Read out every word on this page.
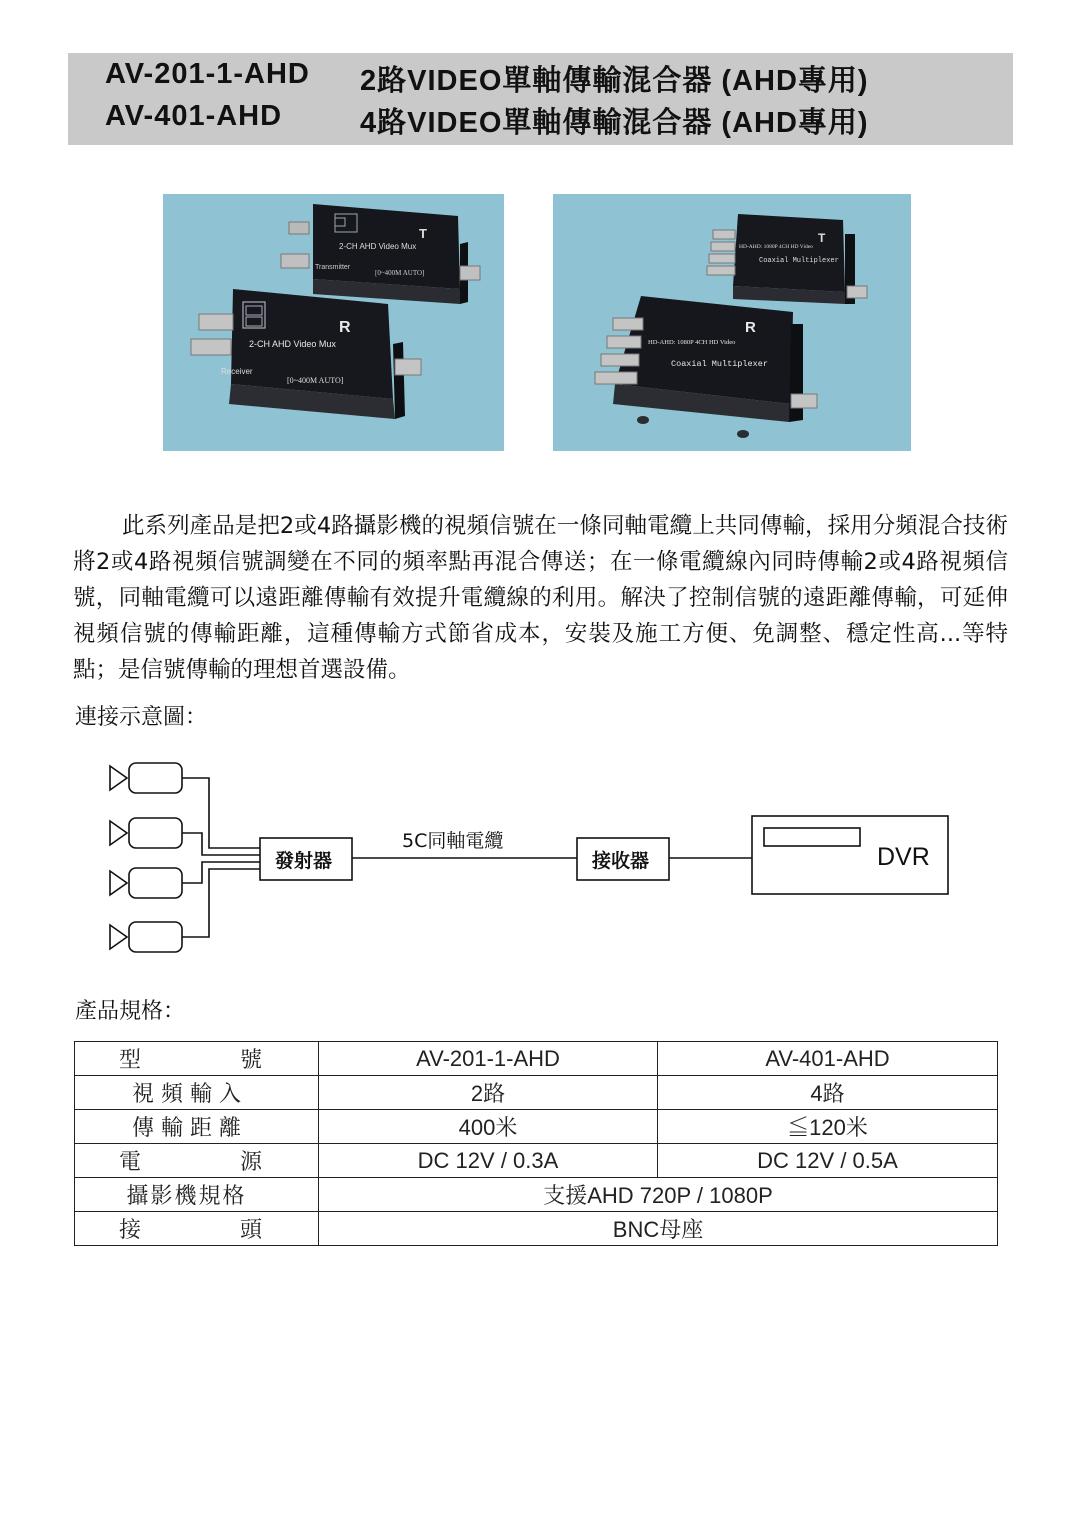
AV-201-1-AHD 2路VIDEO單軸傳輸混合器 (AHD專用)
AV-401-AHD	4路VIDEO單軸傳輸混合器 (AHD專用)
T
2-CH AHD Video Mux
Transmitter
[0~400M AUTO]
R
2-CH AHD Video Mux
Receiver
[0~400M AUTO]
T
HD-AHD: 1080P 4CH HD Video
Coaxial Multiplexer
R
HD-AHD: 1080P 4CH HD Video
Coaxial Multiplexer

此系列產品是把2或4路攝影機的視頻信號在一條同軸電纜上共同傳輸，採用分頻混合技術將2或4路視頻信號調變在不同的頻率點再混合傳送；在一條電纜線內同時傳輸2或4路視頻信號，同軸電纜可以遠距離傳輸有效提升電纜線的利用。解決了控制信號的遠距離傳輸，可延伸視頻信號的傳輸距離，這種傳輸方式節省成本，安裝及施工方便、免調整、穩定性高...等特點；是信號傳輸的理想首選設備。

連接示意圖：
發射器
5C同軸電纜
接收器	DVR
產品規格：
型 號	AV-201-1-AHD	AV-401-AHD

視 頻 輸 入	2路	4路

傳 輸 距 離	400米	≦120米

電 源	DC 12V / 0.3A	DC 12V / 0.5A

攝影機規格	支援AHD 720P / 1080P	

接 頭	BNC母座	
